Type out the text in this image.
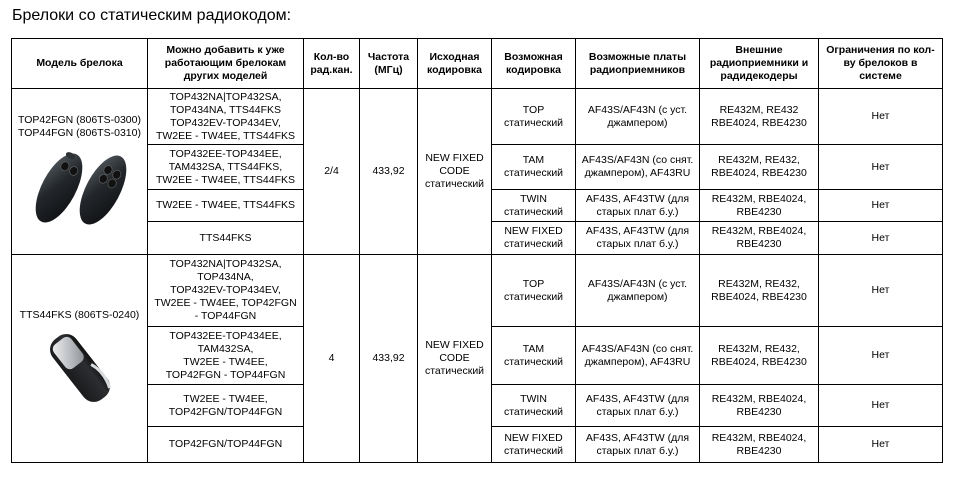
Брелоки со статическим радиокодом:
Модель брелока	Можно добавить к уже работающим брелокам других моделей	Кол-во рад.кан.	Частота (МГц)	Исходная кодировка	Возможная кодировка	Возможные платы радиоприемников	Внешние радиоприемники и радидекодеры	Ограничения по кол-ву брелоков в системе

TOP42FGN (806TS-0300)
TOP44FGN (806TS-0310)	TOP432NA|TOP432SA,
TOP434NA, TTS44FKS
TOP432EV-TOP434EV,
TW2EE - TW4EE, TTS44FKS	2/4	433,92	NEW FIXED
CODE
статический	TOP
статический	AF43S/AF43N (с уст.
джампером)	RE432M, RE432
RBE4024, RBE4230	Нет
	TOP432EE-TOP434EE,
TAM432SA, TTS44FKS,
TW2EE - TW4EE, TTS44FKS				TAM
статический	AF43S/AF43N (со снят.
джампером), AF43RU	RE432M, RE432,
RBE4024, RBE4230	Нет
	TW2EE - TW4EE, TTS44FKS				TWIN
статический	AF43S, AF43TW (для
старых плат б.у.)	RE432M, RBE4024,
RBE4230	Нет
	TTS44FKS				NEW FIXED
статический	AF43S, AF43TW (для
старых плат б.у.)	RE432M, RBE4024,
RBE4230	Нет

TTS44FKS (806TS-0240)	TOP432NA|TOP432SA,
TOP434NA,
TOP432EV-TOP434EV,
TW2EE - TW4EE, TOP42FGN
- TOP44FGN	4	433,92	NEW FIXED
CODE
статический	TOP
статический	AF43S/AF43N (с уст.
джампером)	RE432M, RE432,
RBE4024, RBE4230	Нет
	TOP432EE-TOP434EE,
TAM432SA,
TW2EE - TW4EE,
TOP42FGN - TOP44FGN				TAM
статический	AF43S/AF43N (со снят.
джампером), AF43RU	RE432M, RE432,
RBE4024, RBE4230	Нет
	TW2EE - TW4EE,
TOP42FGN/TOP44FGN				TWIN
статический	AF43S, AF43TW (для
старых плат б.у.)	RE432M, RBE4024,
RBE4230	Нет
	TOP42FGN/TOP44FGN				NEW FIXED
статический	AF43S, AF43TW (для
старых плат б.у.)	RE432M, RBE4024,
RBE4230	Нет
